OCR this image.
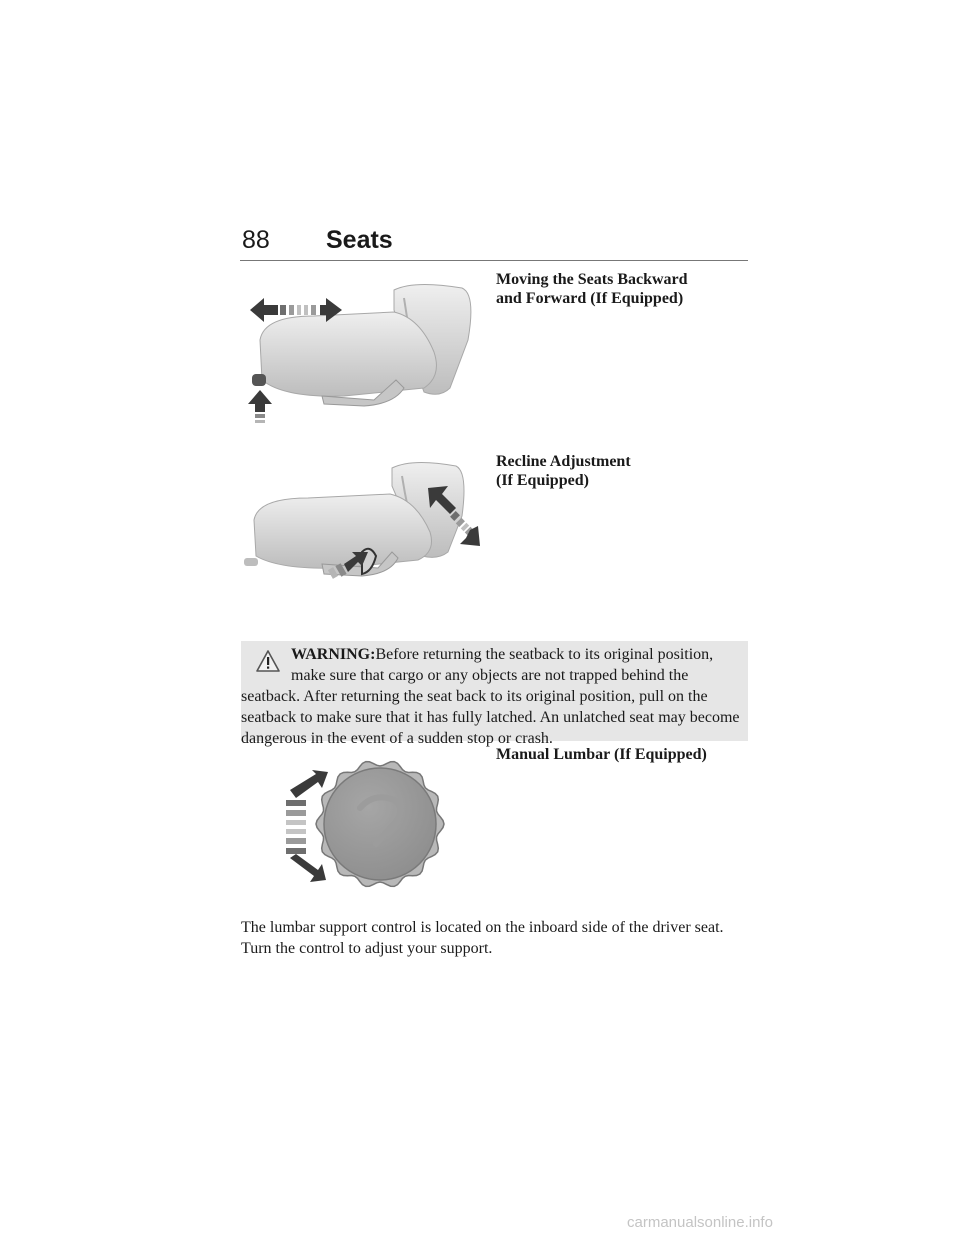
88 Seats

Moving the Seats Backward
and Forward (If Equipped)

Recline Adjustment
(If Equipped)

WARNING:Before returning the seatback to its original position,
make sure that cargo or any objects are not trapped behind the seatback. After returning the seat back to its original position, pull on the seatback to make sure that it has fully latched. An unlatched seat may become dangerous in the event of a sudden stop or crash.

Manual Lumbar (If Equipped)

The lumbar support control is located on the inboard side of the driver seat. Turn the control to adjust your support.

carmanualsonline.info
